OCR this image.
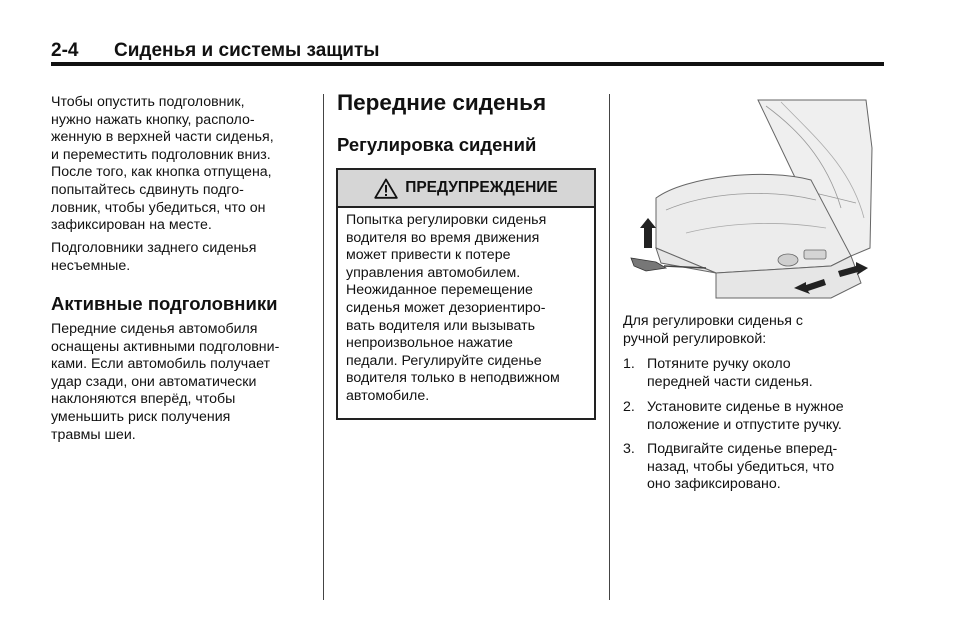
2-4 Сиденья и системы защиты

Чтобы опустить подголовник,
нужно нажать кнопку, располо-
женную в верхней части сиденья,
и переместить подголовник вниз.
После того, как кнопка отпущена,
попытайтесь сдвинуть подго-
ловник, чтобы убедиться, что он
зафиксирован на месте.

Подголовники заднего сиденья
несъемные.

Активные подголовники

Передние сиденья автомобиля
оснащены активными подголовни-
ками. Если автомобиль получает
удар сзади, они автоматически
наклоняются вперёд, чтобы
уменьшить риск получения
травмы шеи.

Передние сиденья
Регулировка сидений
ПРЕДУПРЕЖДЕНИЕ

Попытка регулировки сиденья
водителя во время движения
может привести к потере
управления автомобилем.
Неожиданное перемещение
сиденья может дезориентиро-
вать водителя или вызывать
непроизвольное нажатие
педали. Регулируйте сиденье
водителя только в неподвижном
автомобиле.

Для регулировки сиденья с
ручной регулировкой:

1. Потяните ручку около
передней части сиденья.
2. Установите сиденье в нужное
положение и отпустите ручку.
3. Подвигайте сиденье вперед-
назад, чтобы убедиться, что
оно зафиксировано.
